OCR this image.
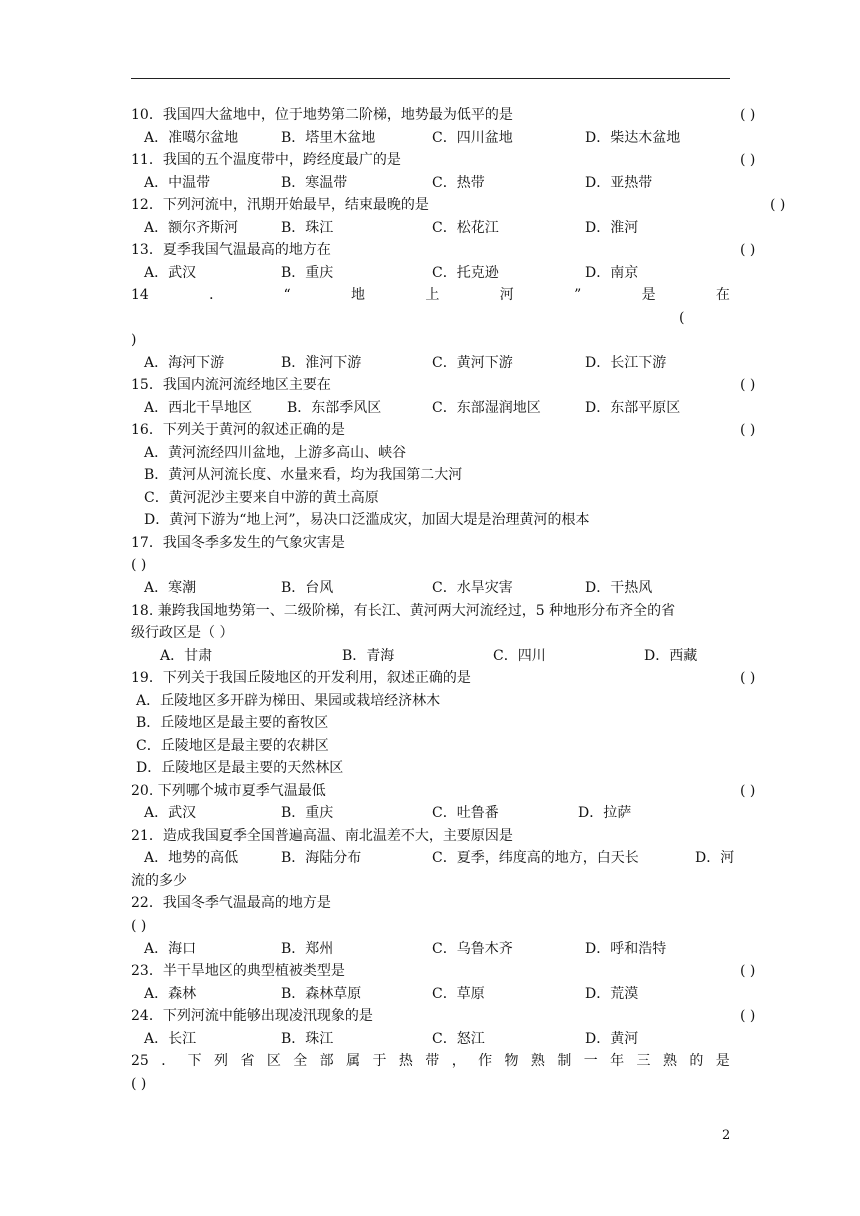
10．我国四大盆地中，位于地势第二阶梯，地势最为低平的是	( )
A．准噶尔盆地	B．塔里木盆地	C．四川盆地	D．柴达木盆地
11．我国的五个温度带中，跨经度最广的是	( )
A．中温带	B．寒温带	C．热带	D．亚热带
12．下列河流中，汛期开始最早，结束最晚的是	( )
A．额尔齐斯河	B．珠江	C．松花江	D．淮河
13．夏季我国气温最高的地方在	( )
A．武汉	B．重庆	C．托克逊	D．南京
14	．	“	地	上	河	”	是	在
(
)
A．海河下游	B．淮河下游	C．黄河下游	D．长江下游
15．我国内流河流经地区主要在	( )
A．西北干旱地区 B．东部季风区	C．东部湿润地区	D．东部平原区
16．下列关于黄河的叙述正确的是	( )
A．黄河流经四川盆地，上游多高山、峡谷
B．黄河从河流长度、水量来看，均为我国第二大河
C．黄河泥沙主要来自中游的黄土高原
D．黄河下游为“地上河”，易决口泛滥成灾，加固大堤是治理黄河的根本
17．我国冬季多发生的气象灾害是
( )
A．寒潮	B．台风	C．水旱灾害	D．干热风
18. 兼跨我国地势第一、二级阶梯，有长江、黄河两大河流经过，5 种地形分布齐全的省
级行政区是（ ）
A．甘肃	B．青海	C．四川	D．西藏
19．下列关于我国丘陵地区的开发利用，叙述正确的是	( )
A．丘陵地区多开辟为梯田、果园或栽培经济林木
B．丘陵地区是最主要的畜牧区
C．丘陵地区是最主要的农耕区
D．丘陵地区是最主要的天然林区
20. 下列哪个城市夏季气温最低	( )
A．武汉	B．重庆	C．吐鲁番	D．拉萨
21．造成我国夏季全国普遍高温、南北温差不大，主要原因是
A．地势的高低	B．海陆分布	C．夏季，纬度高的地方，白天长	D．河
流的多少
22．我国冬季气温最高的地方是
( )
A．海口	B．郑州	C．乌鲁木齐	D．呼和浩特
23．半干旱地区的典型植被类型是	( )
A．森林	B．森林草原	C．草原	D．荒漠
24．下列河流中能够出现凌汛现象的是	( )
A．长江	B．珠江	C．怒江	D．黄河
25 ． 下 列 省 区 全 部 属 于 热 带 ， 作 物 熟 制 一 年 三 熟 的 是
( )
2
